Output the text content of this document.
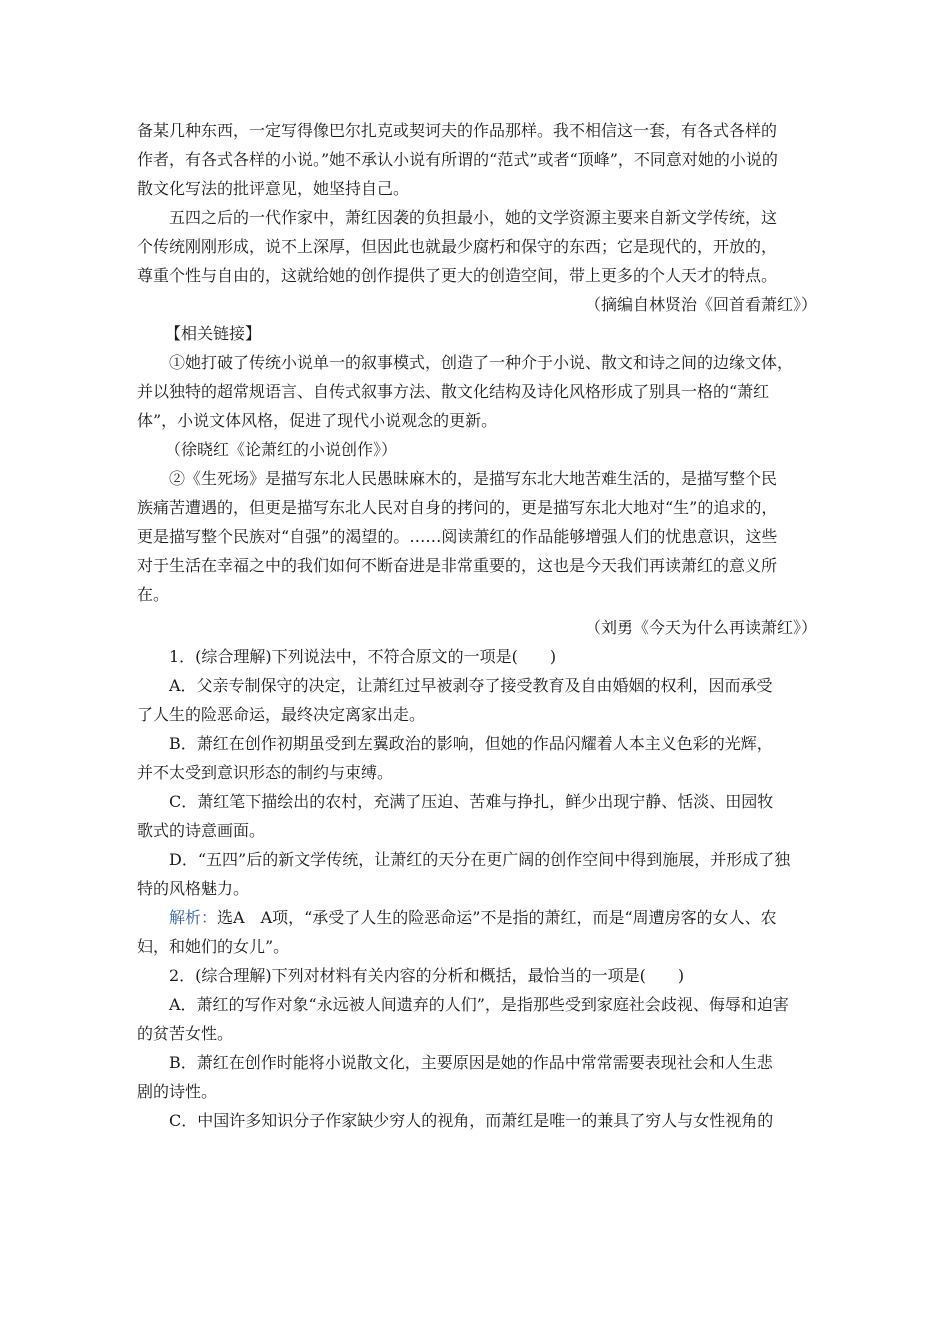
备某几种东西，一定写得像巴尔扎克或契诃夫的作品那样。我不相信这一套，有各式各样的
作者，有各式各样的小说。”她不承认小说有所谓的“范式”或者“顶峰”，不同意对她的小说的
散文化写法的批评意见，她坚持自己。
五四之后的一代作家中，萧红因袭的负担最小，她的文学资源主要来自新文学传统，这
个传统刚刚形成，说不上深厚，但因此也就最少腐朽和保守的东西；它是现代的，开放的，
尊重个性与自由的，这就给她的创作提供了更大的创造空间，带上更多的个人天才的特点。
（摘编自林贤治《回首看萧红》）
【相关链接】
①她打破了传统小说单一的叙事模式，创造了一种介于小说、散文和诗之间的边缘文体，
并以独特的超常规语言、自传式叙事方法、散文化结构及诗化风格形成了别具一格的“萧红
体”，小说文体风格，促进了现代小说观念的更新。
（徐晓红《论萧红的小说创作》）
②《生死场》是描写东北人民愚昧麻木的，是描写东北大地苦难生活的，是描写整个民
族痛苦遭遇的，但更是描写东北人民对自身的拷问的，更是描写东北大地对“生”的追求的，
更是描写整个民族对“自强”的渴望的。……阅读萧红的作品能够增强人们的忧患意识，这些
对于生活在幸福之中的我们如何不断奋进是非常重要的，这也是今天我们再读萧红的意义所
在。
（刘勇《今天为什么再读萧红》）
1．(综合理解)下列说法中，不符合原文的一项是(　　)
A．父亲专制保守的决定，让萧红过早被剥夺了接受教育及自由婚姻的权利，因而承受
了人生的险恶命运，最终决定离家出走。
B．萧红在创作初期虽受到左翼政治的影响，但她的作品闪耀着人本主义色彩的光辉，
并不太受到意识形态的制约与束缚。
C．萧红笔下描绘出的农村，充满了压迫、苦难与挣扎，鲜少出现宁静、恬淡、田园牧
歌式的诗意画面。
D．“五四”后的新文学传统，让萧红的天分在更广阔的创作空间中得到施展，并形成了独
特的风格魅力。
解析：选A　A项，“承受了人生的险恶命运”不是指的萧红，而是“周遭房客的女人、农
妇，和她们的女儿”。
2．(综合理解)下列对材料有关内容的分析和概括，最恰当的一项是(　　)
A．萧红的写作对象“永远被人间遗弃的人们”，是指那些受到家庭社会歧视、侮辱和迫害
的贫苦女性。
B．萧红在创作时能将小说散文化，主要原因是她的作品中常常需要表现社会和人生悲
剧的诗性。
C．中国许多知识分子作家缺少穷人的视角，而萧红是唯一的兼具了穷人与女性视角的
